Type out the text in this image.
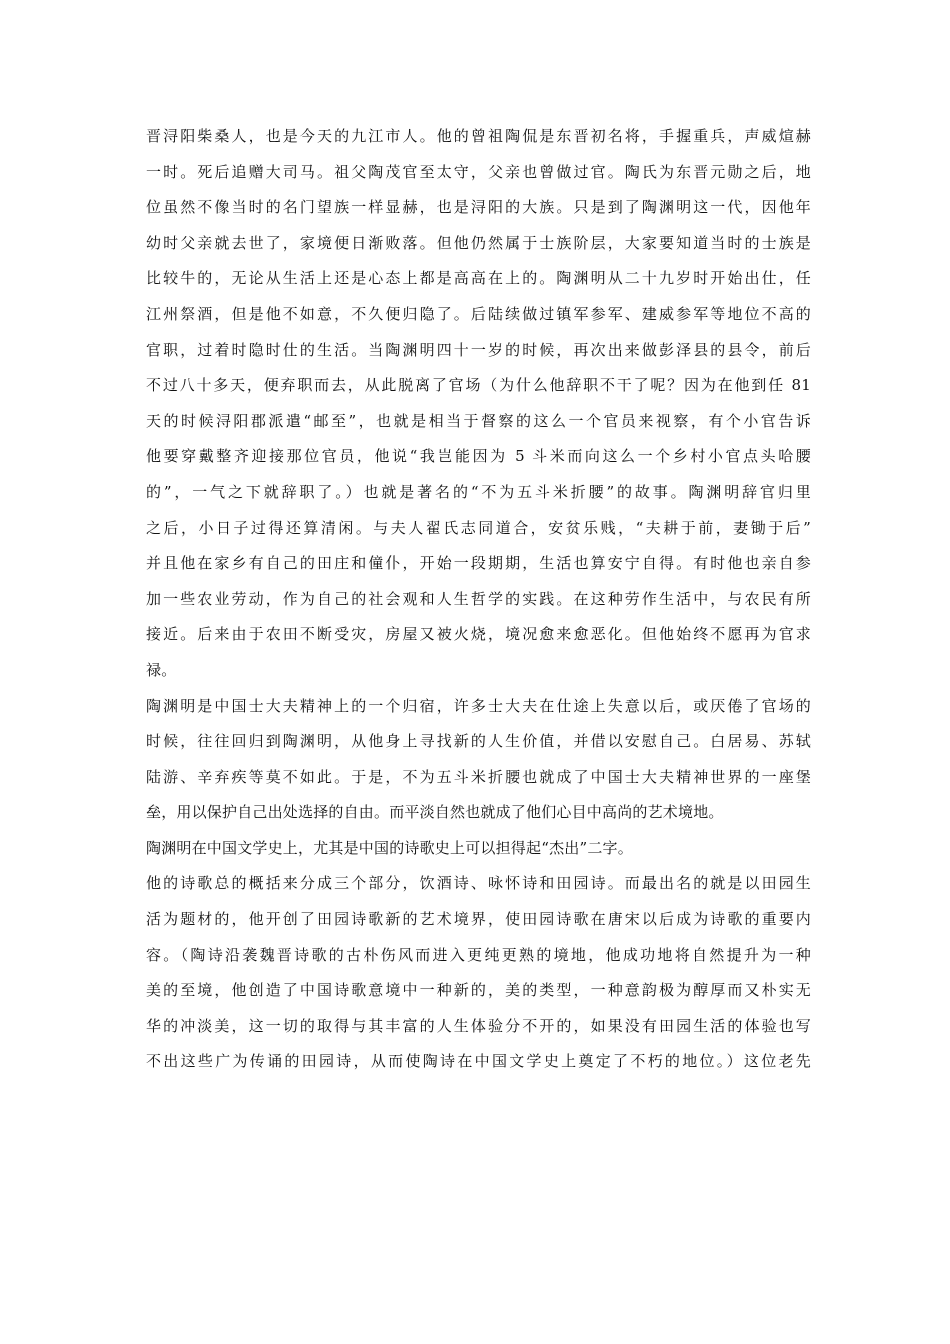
晋浔阳柴桑人，也是今天的九江市人。他的曾祖陶侃是东晋初名将，手握重兵，声威煊赫
一时。死后追赠大司马。祖父陶茂官至太守，父亲也曾做过官。陶氏为东晋元勋之后，地
位虽然不像当时的名门望族一样显赫，也是浔阳的大族。只是到了陶渊明这一代，因他年
幼时父亲就去世了，家境便日渐败落。但他仍然属于士族阶层，大家要知道当时的士族是
比较牛的，无论从生活上还是心态上都是高高在上的。陶渊明从二十九岁时开始出仕，任
江州祭酒，但是他不如意，不久便归隐了。后陆续做过镇军参军、建威参军等地位不高的
官职，过着时隐时仕的生活。当陶渊明四十一岁的时候，再次出来做彭泽县的县令，前后
不过八十多天，便弃职而去，从此脱离了官场（为什么他辞职不干了呢？因为在他到任 81
天的时候浔阳郡派遣“邮至”，也就是相当于督察的这么一个官员来视察，有个小官告诉
他要穿戴整齐迎接那位官员，他说“我岂能因为 5 斗米而向这么一个乡村小官点头哈腰
的”，一气之下就辞职了。）也就是著名的“不为五斗米折腰”的故事。陶渊明辞官归里
之后，小日子过得还算清闲。与夫人翟氏志同道合，安贫乐贱，“夫耕于前，妻锄于后”
并且他在家乡有自己的田庄和僮仆，开始一段期期，生活也算安宁自得。有时他也亲自参
加一些农业劳动，作为自己的社会观和人生哲学的实践。在这种劳作生活中，与农民有所
接近。后来由于农田不断受灾，房屋又被火烧，境况愈来愈恶化。但他始终不愿再为官求
禄。
陶渊明是中国士大夫精神上的一个归宿，许多士大夫在仕途上失意以后，或厌倦了官场的
时候，往往回归到陶渊明，从他身上寻找新的人生价值，并借以安慰自己。白居易、苏轼
陆游、辛弃疾等莫不如此。于是，不为五斗米折腰也就成了中国士大夫精神世界的一座堡
垒，用以保护自己出处选择的自由。而平淡自然也就成了他们心目中高尚的艺术境地。
陶渊明在中国文学史上，尤其是中国的诗歌史上可以担得起“杰出”二字。
他的诗歌总的概括来分成三个部分，饮酒诗、咏怀诗和田园诗。而最出名的就是以田园生
活为题材的，他开创了田园诗歌新的艺术境界，使田园诗歌在唐宋以后成为诗歌的重要内
容。（陶诗沿袭魏晋诗歌的古朴伤风而进入更纯更熟的境地，他成功地将自然提升为一种
美的至境，他创造了中国诗歌意境中一种新的，美的类型，一种意韵极为醇厚而又朴实无
华的冲淡美，这一切的取得与其丰富的人生体验分不开的，如果没有田园生活的体验也写
不出这些广为传诵的田园诗，从而使陶诗在中国文学史上奠定了不朽的地位。）这位老先
